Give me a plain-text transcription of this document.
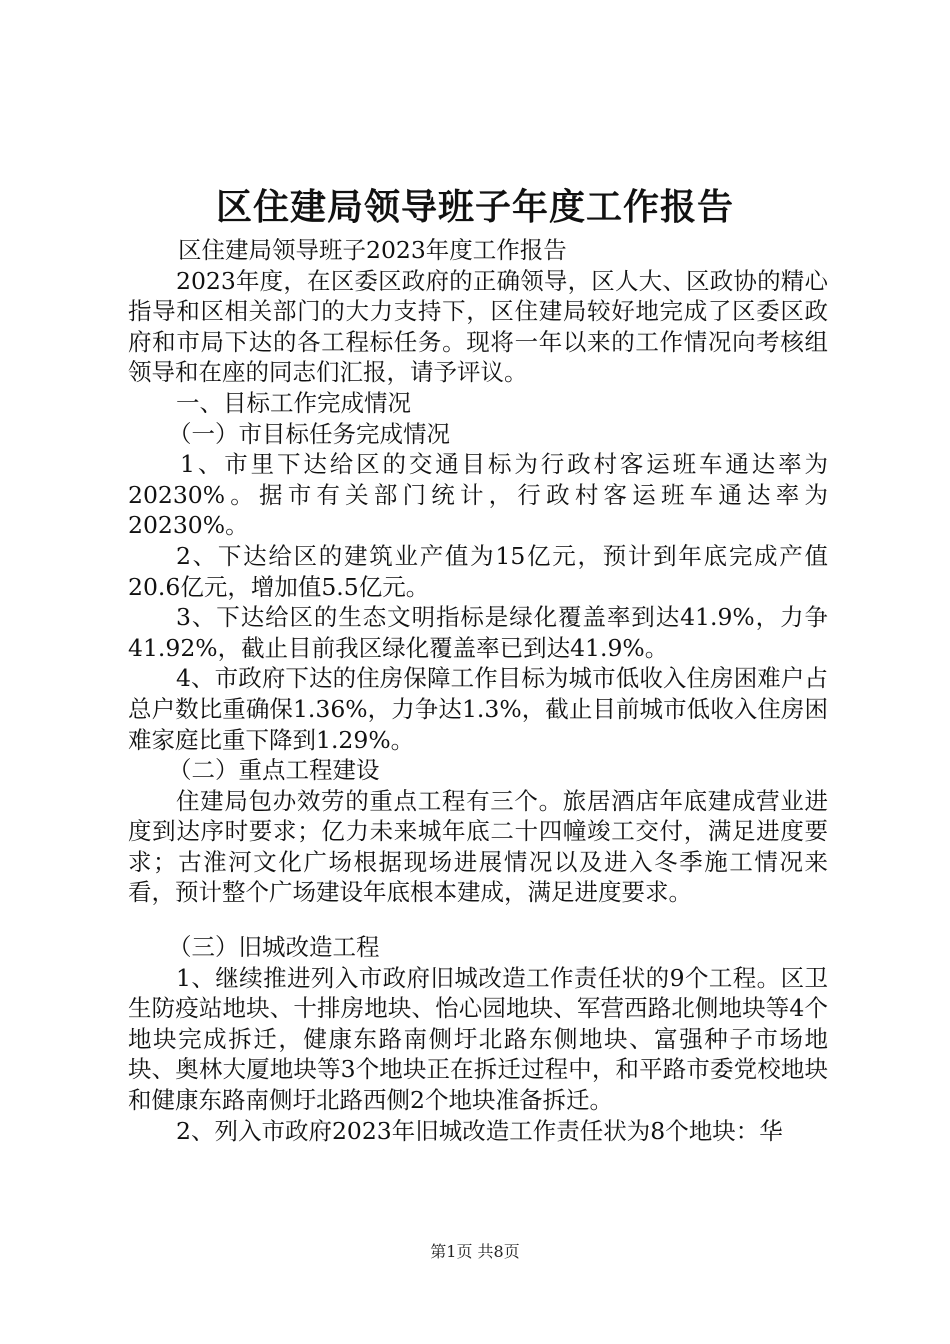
区住建局领导班子年度工作报告

区住建局领导班子2023年度工作报告

2023年度，在区委区政府的正确领导，区人大、区政协的精心指导和区相关部门的大力支持下，区住建局较好地完成了区委区政府和市局下达的各工程标任务。现将一年以来的工作情况向考核组领导和在座的同志们汇报，请予评议。

一、目标工作完成情况

（一）市目标任务完成情况

1、市里下达给区的交通目标为行政村客运班车通达率为20230%。据市有关部门统计，行政村客运班车通达率为20230%。

2、下达给区的建筑业产值为15亿元，预计到年底完成产值20.6亿元，增加值5.5亿元。

3、下达给区的生态文明指标是绿化覆盖率到达41.9%，力争41.92%，截止目前我区绿化覆盖率已到达41.9%。

4、市政府下达的住房保障工作目标为城市低收入住房困难户占总户数比重确保1.36%，力争达1.3%，截止目前城市低收入住房困难家庭比重下降到1.29%。

（二）重点工程建设

住建局包办效劳的重点工程有三个。旅居酒店年底建成营业进度到达序时要求；亿力未来城年底二十四幢竣工交付，满足进度要求；古淮河文化广场根据现场进展情况以及进入冬季施工情况来看，预计整个广场建设年底根本建成，满足进度要求。

（三）旧城改造工程

1、继续推进列入市政府旧城改造工作责任状的9个工程。区卫生防疫站地块、十排房地块、怡心园地块、军营西路北侧地块等4个地块完成拆迁，健康东路南侧圩北路东侧地块、富强种子市场地块、奥林大厦地块等3个地块正在拆迁过程中，和平路市委党校地块和健康东路南侧圩北路西侧2个地块准备拆迁。

2、列入市政府2023年旧城改造工作责任状为8个地块：华

第1页 共8页
